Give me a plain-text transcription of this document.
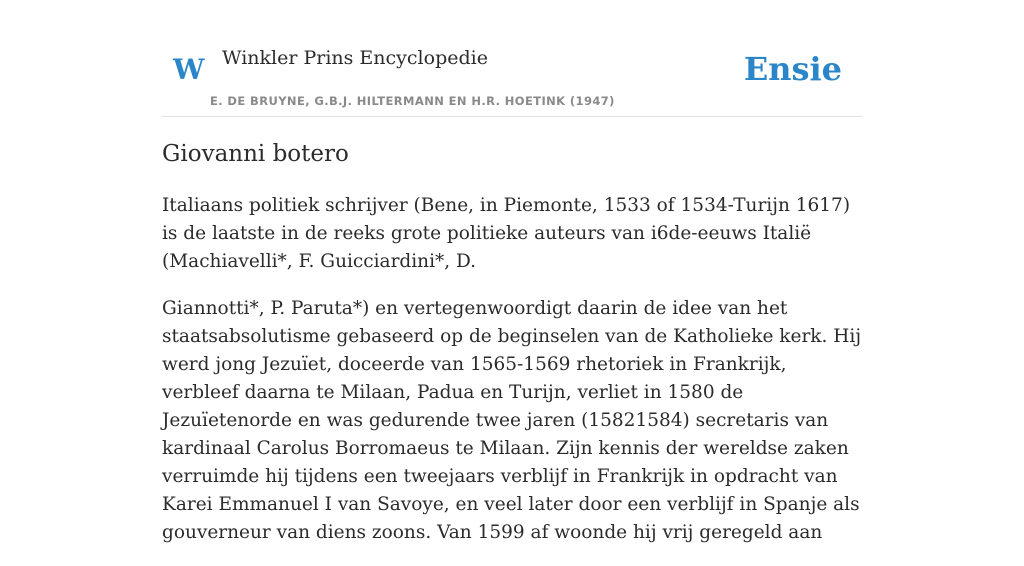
W Winkler Prins Encyclopedie
E. DE BRUYNE, G.B.J. HILTERMANN EN H.R. HOETINK (1947)
Ensie
Giovanni botero

Italiaans politiek schrijver (Bene, in Piemonte, 1533 of 1534-Turijn 1617) is de laatste in de reeks grote politieke auteurs van i6de-eeuws Italië (Machiavelli*, F. Guicciardini*, D.

Giannotti*, P. Paruta*) en vertegenwoordigt daarin de idee van het staatsabsolutisme gebaseerd op de beginselen van de Katholieke kerk. Hij werd jong Jezuïet, doceerde van 1565-1569 rhetoriek in Frankrijk, verbleef daarna te Milaan, Padua en Turijn, verliet in 1580 de Jezuïetenorde en was gedurende twee jaren (15821584) secretaris van kardinaal Carolus Borromaeus te Milaan. Zijn kennis der wereldse zaken verruimde hij tijdens een tweejaars verblijf in Frankrijk in opdracht van Karei Emmanuel I van Savoye, en veel later door een verblijf in Spanje als gouverneur van diens zoons. Van 1599 af woonde hij vrij geregeld aan
